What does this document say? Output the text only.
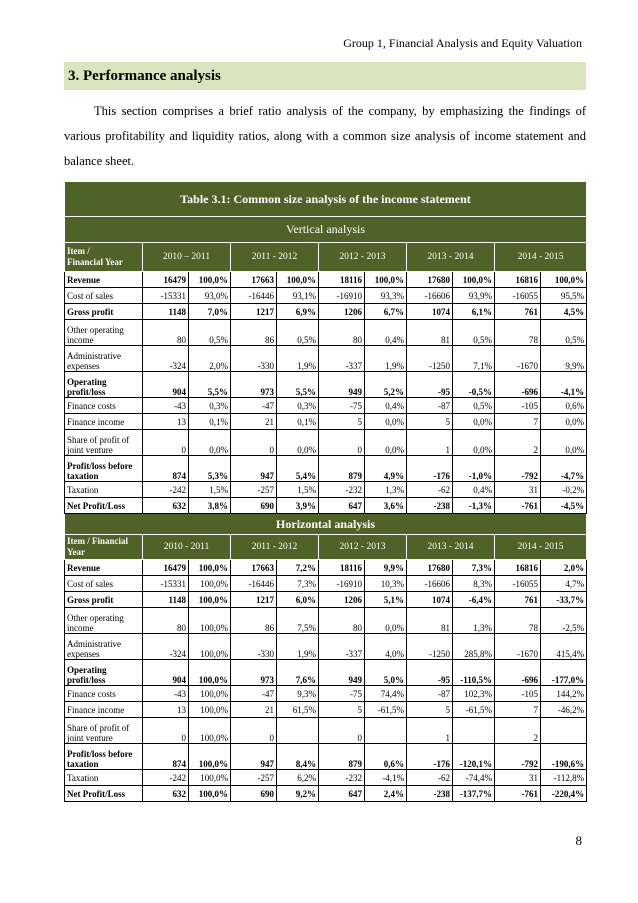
Group 1, Financial Analysis and Equity Valuation
3. Performance analysis

This section comprises a brief ratio analysis of the company, by emphasizing the findings of various profitability and liquidity ratios, along with a common size analysis of income statement and balance sheet.

Table 3.1: Common size analysis of the income statement										
Vertical analysis										
Item /
Financial Year	2010 – 2011		2011 - 2012		2012 - 2013		2013 - 2014		2014 - 2015	
Revenue	16479	100,0%	17663	100,0%	18116	100,0%	17680	100,0%	16816	100,0%
Cost of sales	-15331	93,0%	-16446	93,1%	-16910	93,3%	-16606	93,9%	-16055	95,5%
Gross profit	1148	7,0%	1217	6,9%	1206	6,7%	1074	6,1%	761	4,5%
Other operating income	80	0,5%	86	0,5%	80	0,4%	81	0,5%	78	0,5%
Administrative expenses	-324	2,0%	-330	1,9%	-337	1,9%	-1250	7,1%	-1670	9,9%
Operating profit/loss	904	5,5%	973	5,5%	949	5,2%	-95	-0,5%	-696	-4,1%
Finance costs	-43	0,3%	-47	0,3%	-75	0,4%	-87	0,5%	-105	0,6%
Finance income	13	0,1%	21	0,1%	5	0,0%	5	0,0%	7	0,0%
Share of profit of joint venture	0	0,0%	0	0,0%	0	0,0%	1	0,0%	2	0,0%
Profit/loss before taxation	874	5,3%	947	5,4%	879	4,9%	-176	-1,0%	-792	-4,7%
Taxation	-242	1,5%	-257	1,5%	-232	1,3%	-62	0,4%	31	-0,2%
Net Profit/Loss	632	3,8%	690	3,9%	647	3,6%	-238	-1,3%	-761	-4,5%
Horizontal analysis										
Item / Financial Year	2010 - 2011		2011 - 2012		2012 - 2013		2013 - 2014		2014 - 2015	
Revenue	16479	100,0%	17663	7,2%	18116	9,9%	17680	7,3%	16816	2,0%
Cost of sales	-15331	100,0%	-16446	7,3%	-16910	10,3%	-16606	8,3%	-16055	4,7%
Gross profit	1148	100,0%	1217	6,0%	1206	5,1%	1074	-6,4%	761	-33,7%
Other operating income	80	100,0%	86	7,5%	80	0,0%	81	1,3%	78	-2,5%
Administrative expenses	-324	100,0%	-330	1,9%	-337	4,0%	-1250	285,8%	-1670	415,4%
Operating profit/loss	904	100,0%	973	7,6%	949	5,0%	-95	-110,5%	-696	-177,0%
Finance costs	-43	100,0%	-47	9,3%	-75	74,4%	-87	102,3%	-105	144,2%
Finance income	13	100,0%	21	61,5%	5	-61,5%	5	-61,5%	7	-46,2%
Share of profit of joint venture	0	100,0%	0		0		1		2	
Profit/loss before taxation	874	100,0%	947	8,4%	879	0,6%	-176	-120,1%	-792	-190,6%
Taxation	-242	100,0%	-257	6,2%	-232	-4,1%	-62	-74,4%	31	-112,8%
Net Profit/Loss	632	100,0%	690	9,2%	647	2,4%	-238	-137,7%	-761	-220,4%
8
